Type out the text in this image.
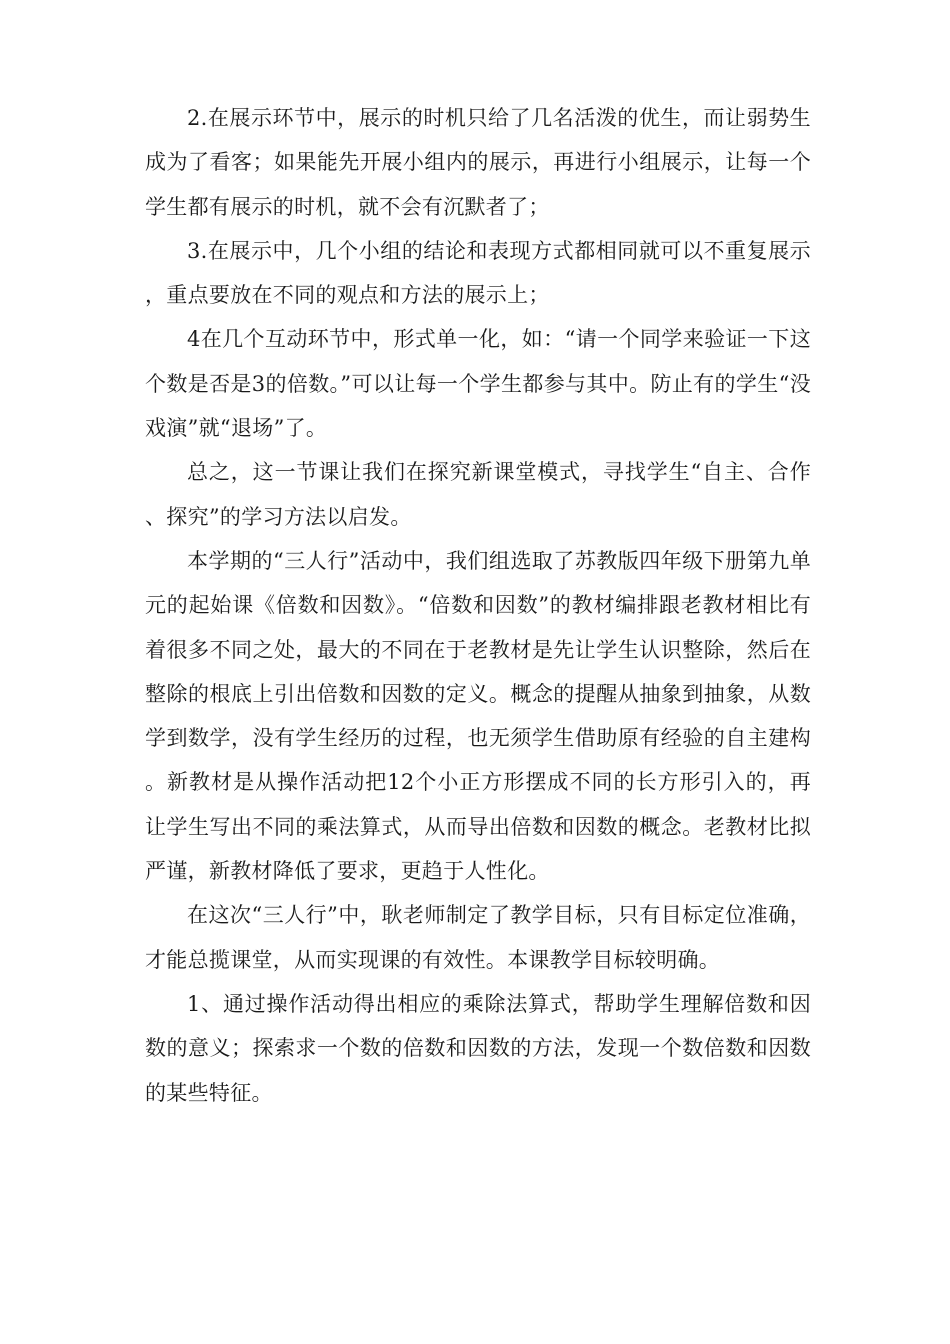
2.在展示环节中，展示的时机只给了几名活泼的优生，而让弱势生成为了看客；如果能先开展小组内的展示，再进行小组展示，让每一个学生都有展示的时机，就不会有沉默者了；

3.在展示中，几个小组的结论和表现方式都相同就可以不重复展示，重点要放在不同的观点和方法的展示上；

4在几个互动环节中，形式单一化，如：“请一个同学来验证一下这个数是否是3的倍数。”可以让每一个学生都参与其中。防止有的学生“没戏演”就“退场”了。

总之，这一节课让我们在探究新课堂模式，寻找学生“自主、合作、探究”的学习方法以启发。

本学期的“三人行”活动中，我们组选取了苏教版四年级下册第九单元的起始课《倍数和因数》。“倍数和因数”的教材编排跟老教材相比有着很多不同之处，最大的不同在于老教材是先让学生认识整除，然后在整除的根底上引出倍数和因数的定义。概念的提醒从抽象到抽象，从数学到数学，没有学生经历的过程，也无须学生借助原有经验的自主建构。新教材是从操作活动把12个小正方形摆成不同的长方形引入的，再让学生写出不同的乘法算式，从而导出倍数和因数的概念。老教材比拟严谨，新教材降低了要求，更趋于人性化。

在这次“三人行”中，耿老师制定了教学目标，只有目标定位准确，才能总揽课堂，从而实现课的有效性。本课教学目标较明确。

1、通过操作活动得出相应的乘除法算式，帮助学生理解倍数和因数的意义；探索求一个数的倍数和因数的方法，发现一个数倍数和因数的某些特征。
